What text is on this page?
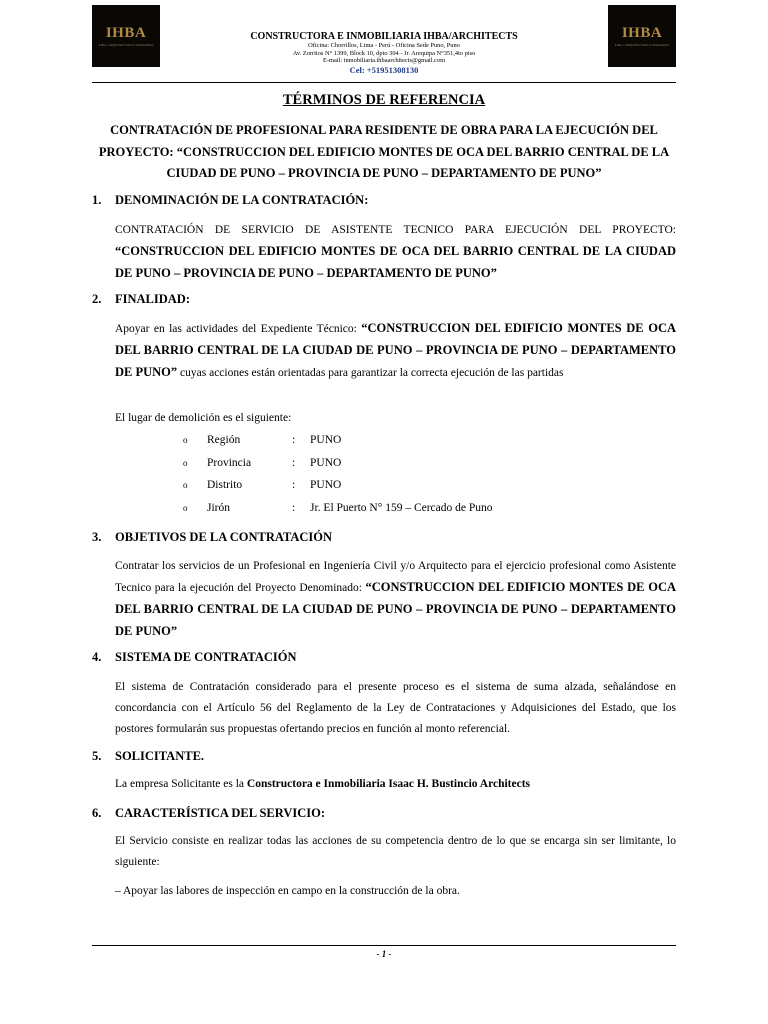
IHBA
IHBA + ARQUITECTURA & INGENIERIA
IHBA
IHBA + ARQUITECTURA & INGENIERIA
CONSTRUCTORA E INMOBILIARIA IHBA/ARCHITECTS
Oficina: Chorrillos, Lima - Perú - Oficina Sede Puno, Puno
Av. Zorritos N° 1399, Block 10, dpto 304 - Jr. Arequipa N°351,4to piso
E-mail: inmobiliaria.ihbaarchitects@gmail.com
Cel: +51951308130
TÉRMINOS DE REFERENCIA
CONTRATACIÓN DE PROFESIONAL PARA RESIDENTE DE OBRA PARA LA EJECUCIÓN DEL PROYECTO: “CONSTRUCCION DEL EDIFICIO MONTES DE OCA DEL BARRIO CENTRAL DE LA CIUDAD DE PUNO – PROVINCIA DE PUNO – DEPARTAMENTO DE PUNO”
1. DENOMINACIÓN DE LA CONTRATACIÓN:
CONTRATACIÓN DE SERVICIO DE ASISTENTE TECNICO PARA EJECUCIÓN DEL PROYECTO: “CONSTRUCCION DEL EDIFICIO MONTES DE OCA DEL BARRIO CENTRAL DE LA CIUDAD DE PUNO – PROVINCIA DE PUNO – DEPARTAMENTO DE PUNO”
2. FINALIDAD:
Apoyar en las actividades del Expediente Técnico: “CONSTRUCCION DEL EDIFICIO MONTES DE OCA DEL BARRIO CENTRAL DE LA CIUDAD DE PUNO – PROVINCIA DE PUNO – DEPARTAMENTO DE PUNO” cuyas acciones están orientadas para garantizar la correcta ejecución de las partidas
El lugar de demolición es el siguiente:
o Región	: PUNO
o Provincia	: PUNO
o Distrito	: PUNO
o Jirón	: Jr. El Puerto N° 159 – Cercado de Puno
3. OBJETIVOS DE LA CONTRATACIÓN
Contratar los servicios de un Profesional en Ingeniería Civil y/o Arquitecto para el ejercicio profesional como Asistente Tecnico para la ejecución del Proyecto Denominado: “CONSTRUCCION DEL EDIFICIO MONTES DE OCA DEL BARRIO CENTRAL DE LA CIUDAD DE PUNO – PROVINCIA DE PUNO – DEPARTAMENTO DE PUNO”
4. SISTEMA DE CONTRATACIÓN
El sistema de Contratación considerado para el presente proceso es el sistema de suma alzada, señalándose en concordancia con el Artículo 56 del Reglamento de la Ley de Contrataciones y Adquisiciones del Estado, que los postores formularán sus propuestas ofertando precios en función al monto referencial.
5. SOLICITANTE.
La empresa Solicitante es la Constructora e Inmobiliaria Isaac H. Bustincio Architects
6. CARACTERÍSTICA DEL SERVICIO:
El Servicio consiste en realizar todas las acciones de su competencia dentro de lo que se encarga sin ser limitante, lo siguiente:
– Apoyar las labores de inspección en campo en la construcción de la obra.
- 1 -
